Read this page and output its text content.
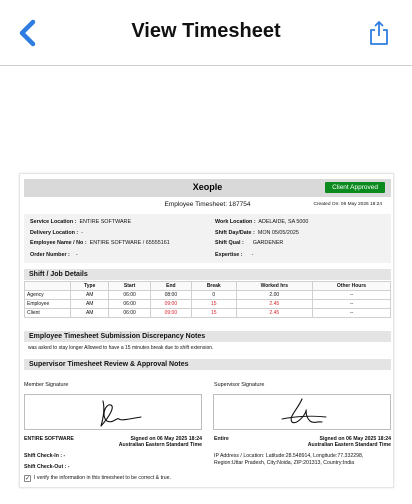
View Timesheet
Xeople	Client Approved
Employee Timesheet: 187754	Created On: 06 May 2025 18:24
Service Location : ENTIRE SOFTWARE
Delivery Location : -
Employee Name / No : ENTIRE SOFTWARE / 65555161
Order Number : -
Work Location : ADELAIDE, SA 5000
Shift Day/Date : MON 05/05/2025
Shift Qual : GARDENER
Expertise : -
Shift / Job Details
	Type	Start	End	Break	Worked hrs	Other Hours
Agency	AM	06:00	08:00	0	2.00	--
Employee	AM	06:00	09:00	15	2.45	--
Client	AM	06:00	09:00	15	2.45	--
Employee Timesheet Submission Discrepancy Notes
was asked to stay longer Allowed to have a 15 minutes break due to shift extension.
Supervisor Timesheet Review & Approval Notes
Member Signature	Supervisor Signature
ENTIRE SOFTWARE	Signed on 06 May 2025 18:24
Australian Eastern Standard Time
Entire	Signed on 06 May 2025 18:24
Australian Eastern Standard Time
Shift Check-In : -
Shift Check-Out : -
IP Address / Location: Latitude:28.548914, Longitude:77.332298,
Region:Uttar Pradesh, City:Noida, ZIP:201313, Country:India
✓ I verify the information in this timesheet to be correct & true.
